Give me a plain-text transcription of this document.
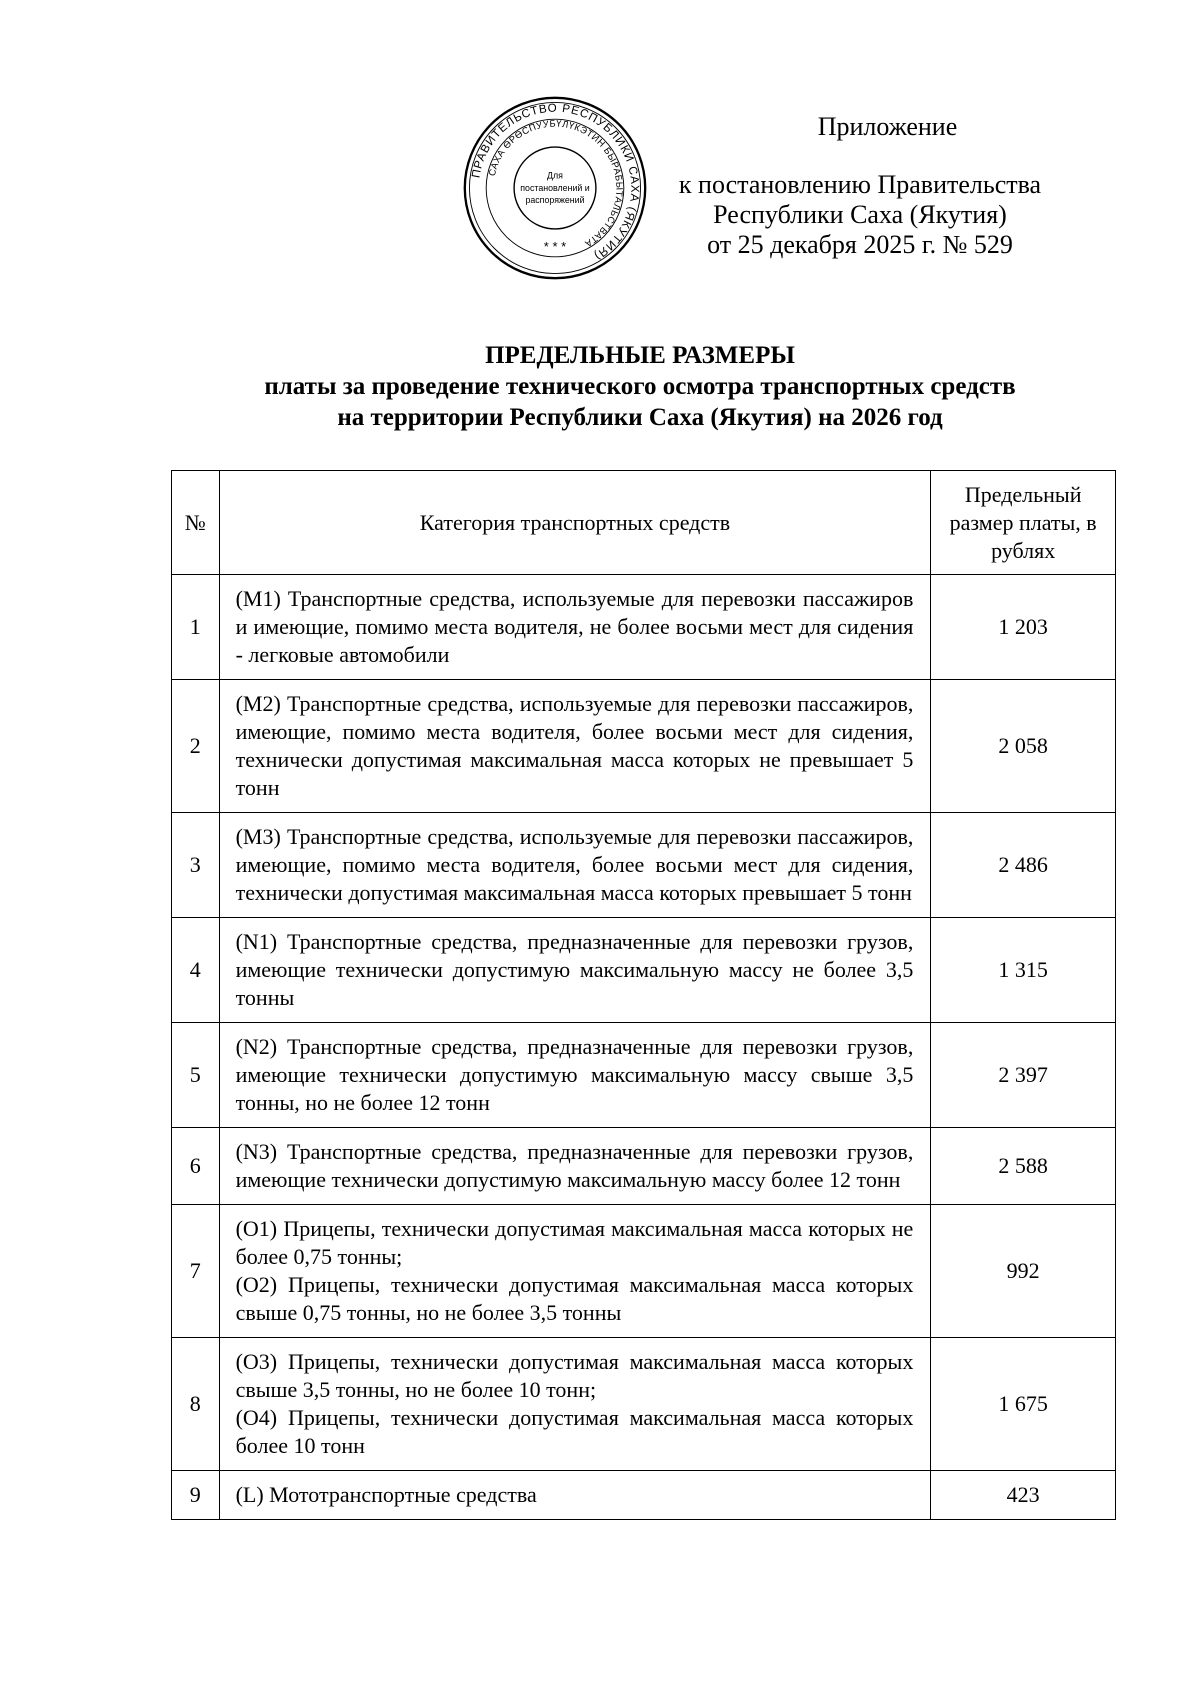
ПРАВИТЕЛЬСТВО РЕСПУБЛИКИ САХА (ЯКУТИЯ)
САХА ӨРӨСПУУБҮЛҮКЭТИН БЫРАБЫТАЛЬСТВАТА
Для
постановлений и
распоряжений
* * *
Приложение
к постановлению Правительства
Республики Саха (Якутия)
от 25 декабря 2025 г. № 529
ПРЕДЕЛЬНЫЕ РАЗМЕРЫ
платы за проведение технического осмотра транспортных средств
на территории Республики Саха (Якутия) на 2026 год
№	Категория транспортных средств	Предельный размер платы, в рублях
1	(М1) Транспортные средства, используемые для перевозки пассажиров и имеющие, помимо места водителя, не более восьми мест для сидения - легковые автомобили	1 203
2	(М2) Транспортные средства, используемые для перевозки пассажиров, имеющие, помимо места водителя, более восьми мест для сидения, технически допустимая максимальная масса которых не превышает 5 тонн	2 058
3	(М3) Транспортные средства, используемые для перевозки пассажиров, имеющие, помимо места водителя, более восьми мест для сидения, технически допустимая максимальная масса которых превышает 5 тонн	2 486
4	(N1) Транспортные средства, предназначенные для перевозки грузов, имеющие технически допустимую максимальную массу не более 3,5 тонны	1 315
5	(N2) Транспортные средства, предназначенные для перевозки грузов, имеющие технически допустимую максимальную массу свыше 3,5 тонны, но не более 12 тонн	2 397
6	(N3) Транспортные средства, предназначенные для перевозки грузов, имеющие технически допустимую максимальную массу более 12 тонн	2 588
7	(О1) Прицепы, технически допустимая максимальная масса которых не более 0,75 тонны;
(О2) Прицепы, технически допустимая максимальная масса которых свыше 0,75 тонны, но не более 3,5 тонны	992
8	(О3) Прицепы, технически допустимая максимальная масса которых свыше 3,5 тонны, но не более 10 тонн;
(О4) Прицепы, технически допустимая максимальная масса которых более 10 тонн	1 675
9	(L) Мототранспортные средства	423
